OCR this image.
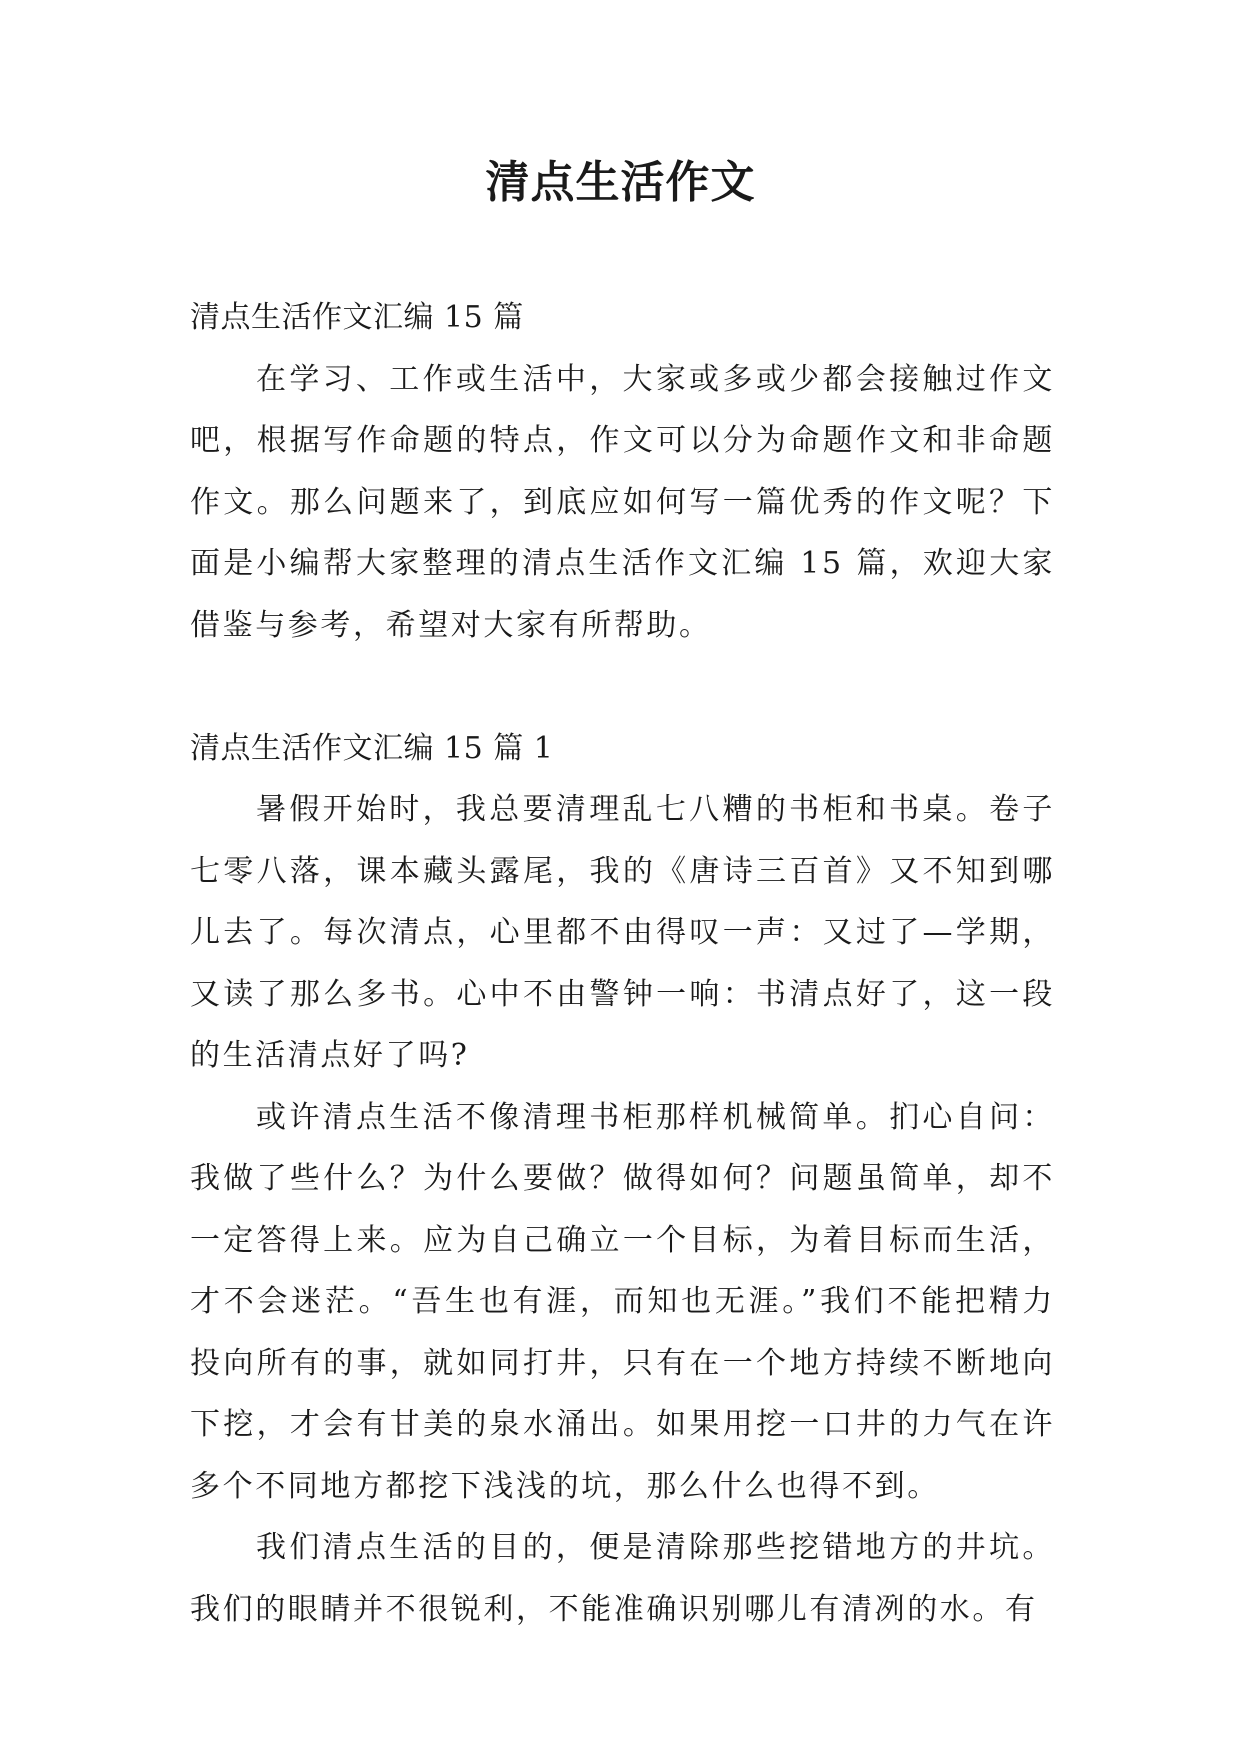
清点生活作文

清点生活作文汇编 15 篇

在学习、工作或生活中，大家或多或少都会接触过作文吧，根据写作命题的特点，作文可以分为命题作文和非命题作文。那么问题来了，到底应如何写一篇优秀的作文呢？下面是小编帮大家整理的清点生活作文汇编 15 篇，欢迎大家借鉴与参考，希望对大家有所帮助。

清点生活作文汇编 15 篇 1

暑假开始时，我总要清理乱七八糟的书柜和书桌。卷子七零八落，课本藏头露尾，我的《唐诗三百首》又不知到哪儿去了。每次清点，心里都不由得叹一声：又过了—学期，又读了那么多书。心中不由警钟一响：书清点好了，这一段的生活清点好了吗?

或许清点生活不像清理书柜那样机械简单。扪心自问：我做了些什么？为什么要做？做得如何？问题虽简单，却不一定答得上来。应为自己确立一个目标，为着目标而生活，才不会迷茫。“吾生也有涯，而知也无涯。”我们不能把精力投向所有的事，就如同打井，只有在一个地方持续不断地向下挖，才会有甘美的泉水涌出。如果用挖一口井的力气在许多个不同地方都挖下浅浅的坑，那么什么也得不到。

我们清点生活的目的，便是清除那些挖错地方的井坑。我们的眼睛并不很锐利，不能准确识别哪儿有清冽的水。有
